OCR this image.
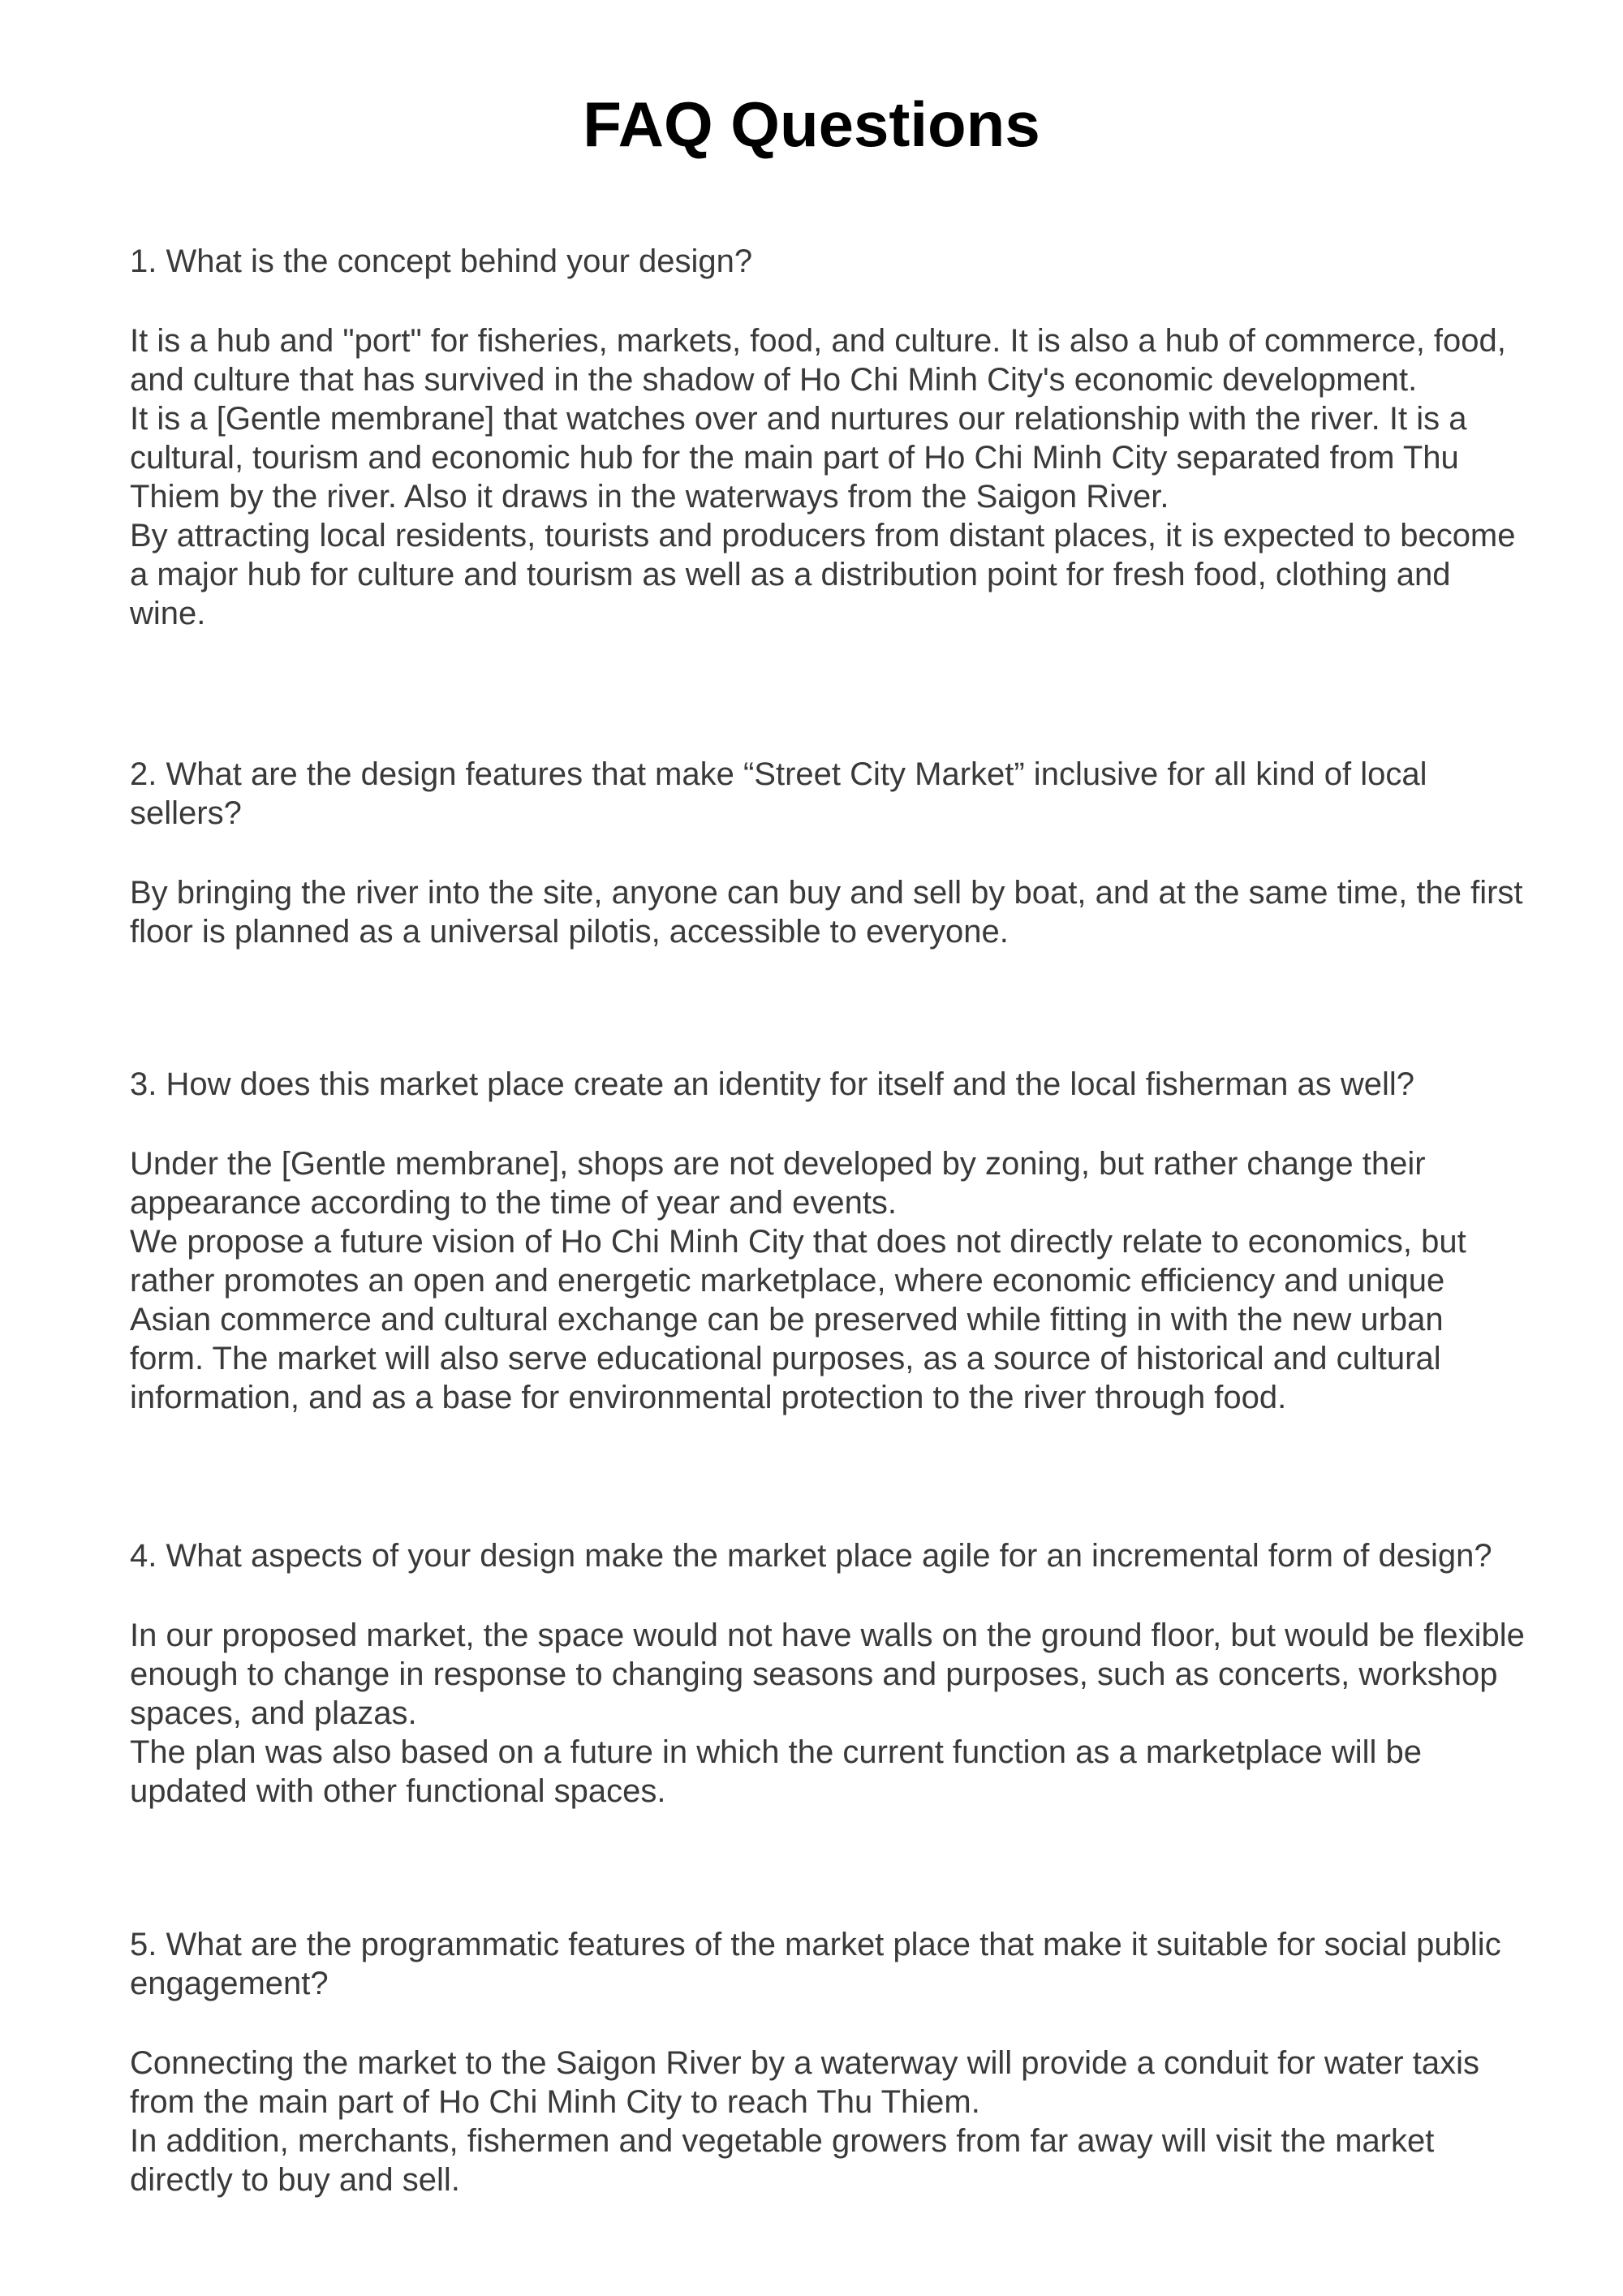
FAQ Questions

1. What is the concept behind your design?

It is a hub and "port" for fisheries, markets, food, and culture. It is also a hub of commerce, food, and culture that has survived in the shadow of Ho Chi Minh City's economic development.

It is a [Gentle membrane] that watches over and nurtures our relationship with the river. It is a cultural, tourism and economic hub for the main part of Ho Chi Minh City separated from Thu Thiem by the river. Also it draws in the waterways from the Saigon River.

By attracting local residents, tourists and producers from distant places, it is expected to become a major hub for culture and tourism as well as a distribution point for fresh food, clothing and wine.

2. What are the design features that make “Street City Market” inclusive for all kind of local sellers?

By bringing the river into the site, anyone can buy and sell by boat, and at the same time, the first floor is planned as a universal pilotis, accessible to everyone.

3. How does this market place create an identity for itself and the local fisherman as well?

Under the [Gentle membrane], shops are not developed by zoning, but rather change their appearance according to the time of year and events.

We propose a future vision of Ho Chi Minh City that does not directly relate to economics, but rather promotes an open and energetic marketplace, where economic efficiency and unique Asian commerce and cultural exchange can be preserved while fitting in with the new urban form. The market will also serve educational purposes, as a source of historical and cultural information, and as a base for environmental protection to the river through food.

4. What aspects of your design make the market place agile for an incremental form of design?

In our proposed market, the space would not have walls on the ground floor, but would be flexible enough to change in response to changing seasons and purposes, such as concerts, workshop spaces, and plazas.

The plan was also based on a future in which the current function as a marketplace will be updated with other functional spaces.

5. What are the programmatic features of the market place that make it suitable for social public engagement?

Connecting the market to the Saigon River by a waterway will provide a conduit for water taxis from the main part of Ho Chi Minh City to reach Thu Thiem.

In addition, merchants, fishermen and vegetable growers from far away will visit the market directly to buy and sell.
